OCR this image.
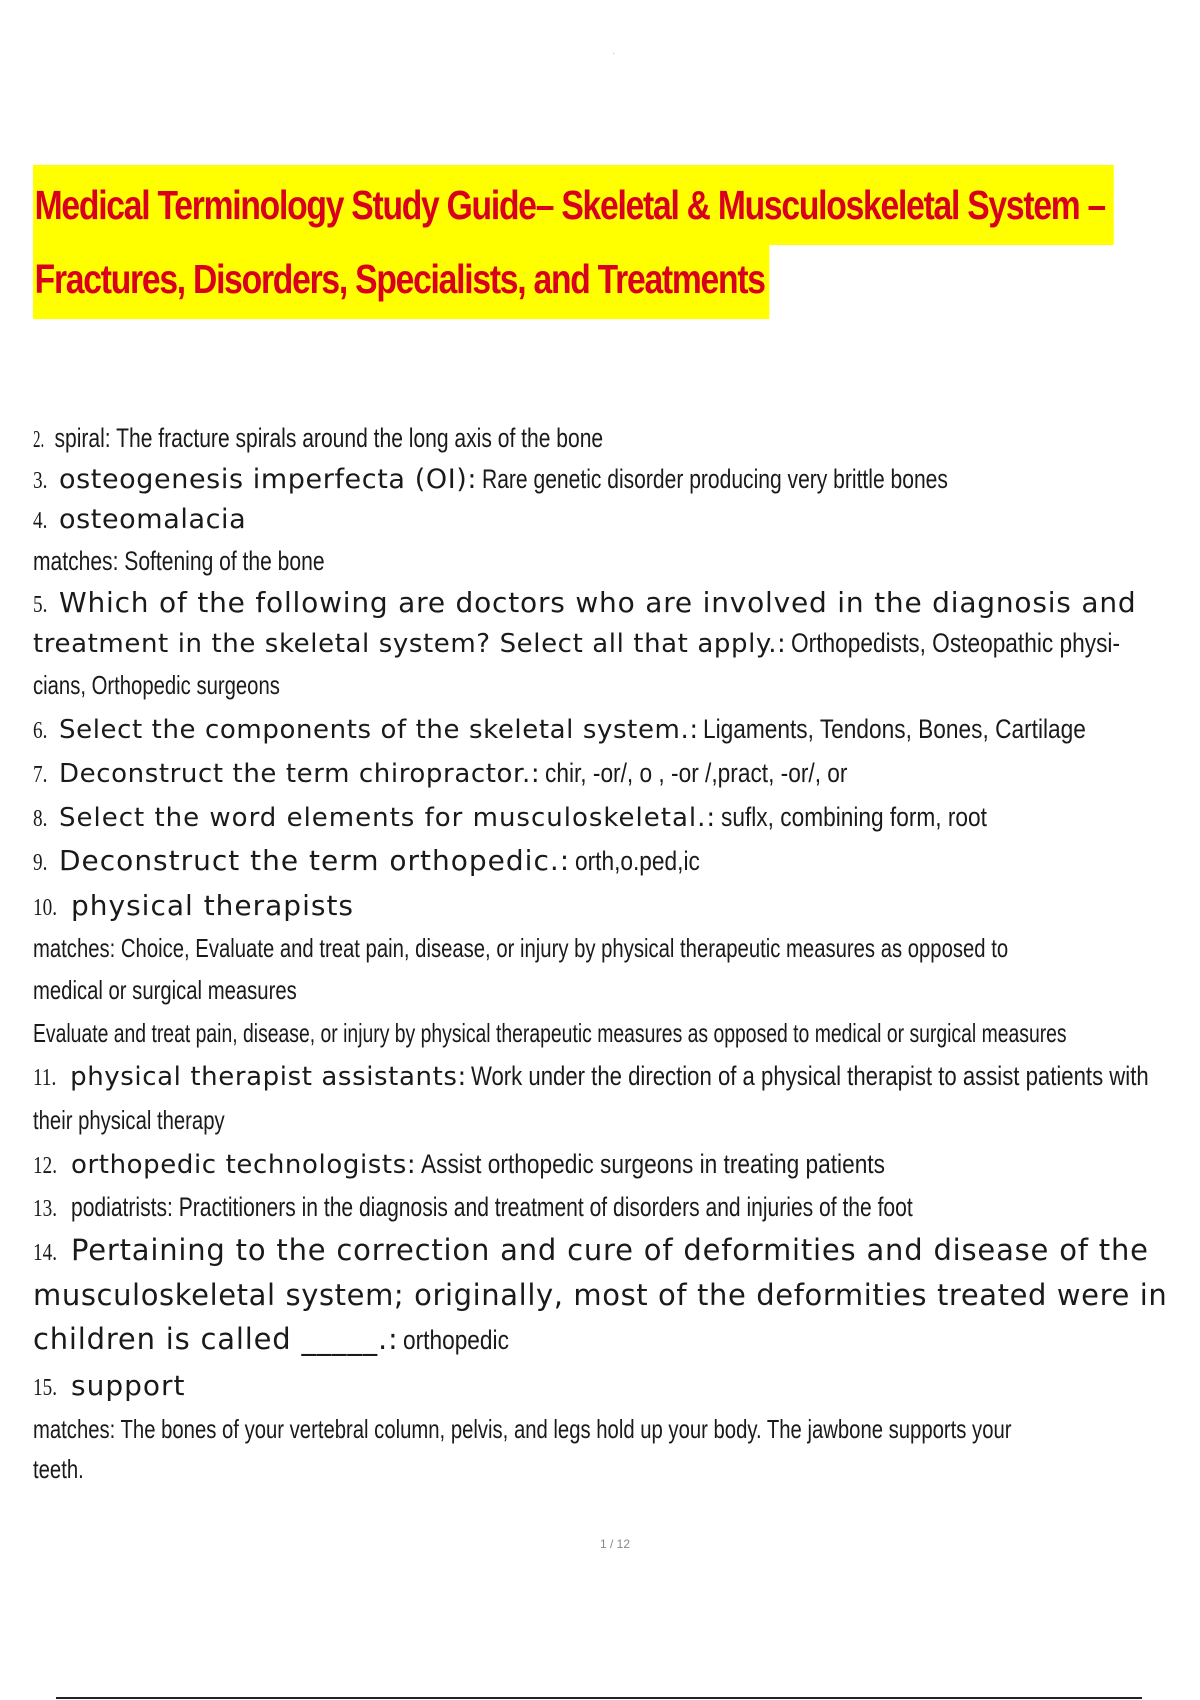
·
Medical Terminology Study Guide– Skeletal & Musculoskeletal System –
Fractures, Disorders, Specialists, and Treatments
2. spiral: The fracture spirals around the long axis of the bone
3. osteogenesis imperfecta (OI): Rare genetic disorder producing very brittle bones
4. osteomalacia
matches: Softening of the bone
5. Which of the following are doctors who are involved in the diagnosis and
treatment in the skeletal system? Select all that apply.: Orthopedists, Osteopathic physi-
cians, Orthopedic surgeons
6. Select the components of the skeletal system.: Ligaments, Tendons, Bones, Cartilage
7. Deconstruct the term chiropractor.: chir, -or/, o , -or /,pract, -or/, or
8. Select the word elements for musculoskeletal.: suflx, combining form, root
9. Deconstruct the term orthopedic.: orth,o.ped,ic
10. physical therapists
matches: Choice, Evaluate and treat pain, disease, or injury by physical therapeutic measures as opposed to
medical or surgical measures
Evaluate and treat pain, disease, or injury by physical therapeutic measures as opposed to medical or surgical measures
11. physical therapist assistants: Work under the direction of a physical therapist to assist patients with
their physical therapy
12. orthopedic technologists: Assist orthopedic surgeons in treating patients
13. podiatrists: Practitioners in the diagnosis and treatment of disorders and injuries of the foot
14. Pertaining to the correction and cure of deformities and disease of the
musculoskeletal system; originally, most of the deformities treated were in
children is called _____.: orthopedic
15. support
matches: The bones of your vertebral column, pelvis, and legs hold up your body. The jawbone supports your
teeth.
1 / 12
